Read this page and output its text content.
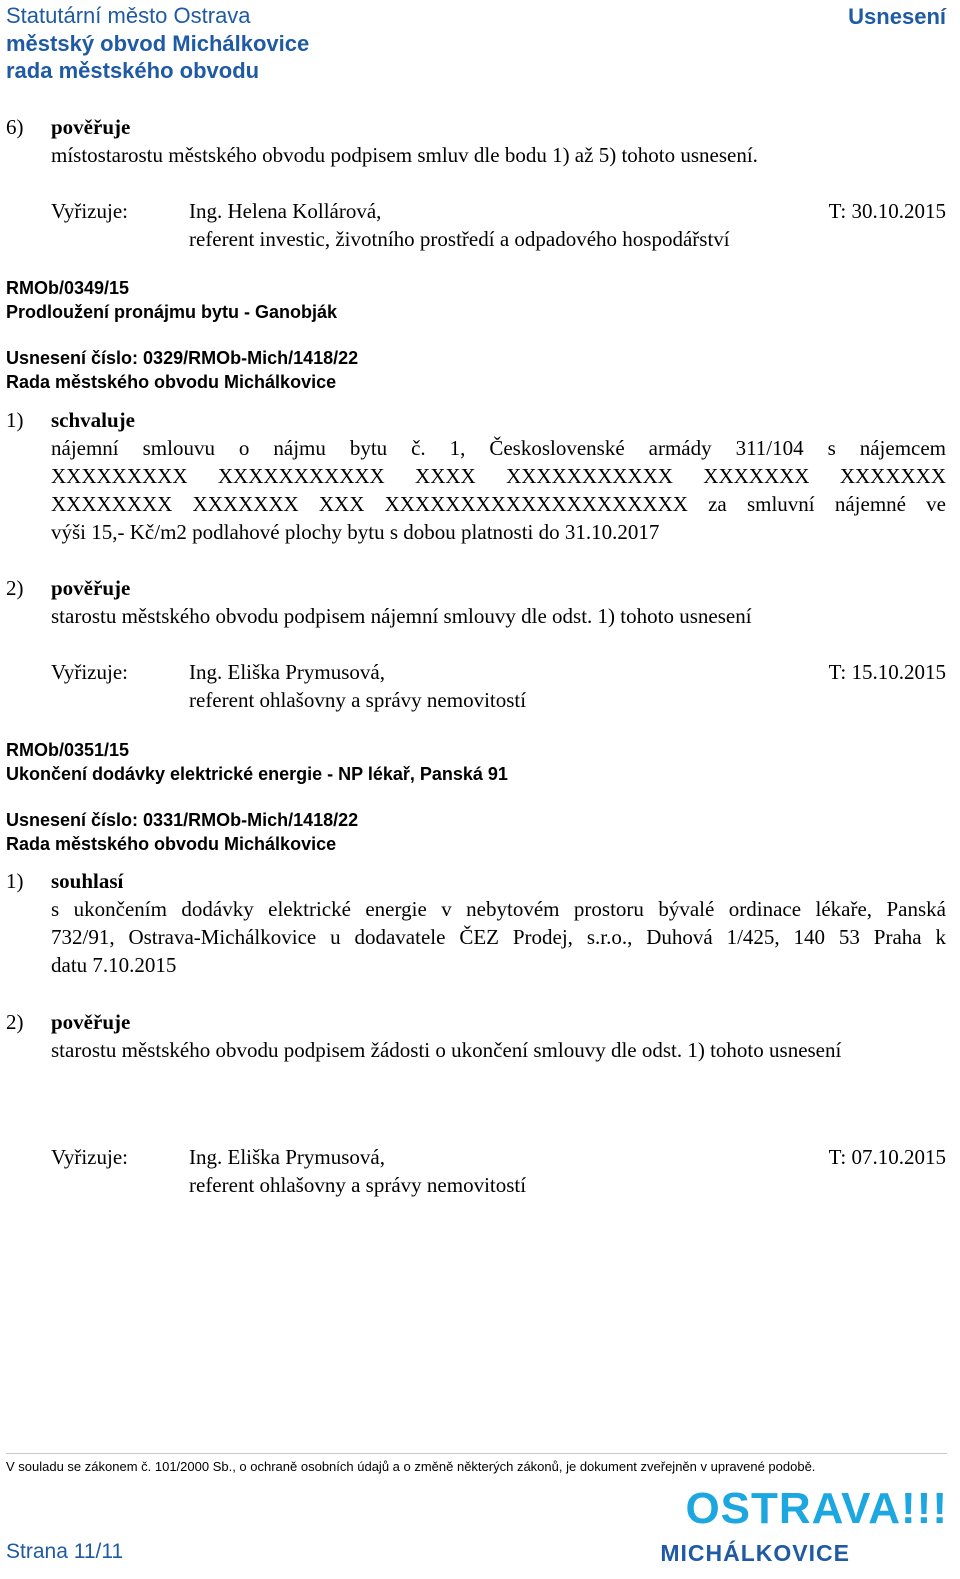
Statutární město Ostrava
městský obvod Michálkovice
rada městského obvodu
Usnesení
6) pověřuje
místostarostu městského obvodu podpisem smluv dle bodu 1) až 5) tohoto usnesení.
Vyřizuje:	Ing. Helena Kollárová,
referent investic, životního prostředí a odpadového hospodářství
T: 30.10.2015
RMOb/0349/15
Prodloužení pronájmu bytu - Ganobják
Usnesení číslo: 0329/RMOb-Mich/1418/22
Rada městského obvodu Michálkovice
1) schvaluje
nájemní smlouvu o nájmu bytu č. 1, Československé armády 311/104 s nájemcem
XXXXXXXXX XXXXXXXXXXX XXXX XXXXXXXXXXX XXXXXXX XXXXXXX
XXXXXXXX XXXXXXX XXX XXXXXXXXXXXXXXXXXXXX za smluvní nájemné ve
výši 15,- Kč/m2 podlahové plochy bytu s dobou platnosti do 31.10.2017
2) pověřuje
starostu městského obvodu podpisem nájemní smlouvy dle odst. 1) tohoto usnesení
Vyřizuje:	Ing. Eliška Prymusová,
referent ohlašovny a správy nemovitostí
T: 15.10.2015
RMOb/0351/15
Ukončení dodávky elektrické energie - NP lékař, Panská 91
Usnesení číslo: 0331/RMOb-Mich/1418/22
Rada městského obvodu Michálkovice
1) souhlasí
s ukončením dodávky elektrické energie v nebytovém prostoru bývalé ordinace lékaře, Panská
732/91, Ostrava-Michálkovice u dodavatele ČEZ Prodej, s.r.o., Duhová 1/425, 140 53 Praha k
datu 7.10.2015
2) pověřuje
starostu městského obvodu podpisem žádosti o ukončení smlouvy dle odst. 1) tohoto usnesení
Vyřizuje:	Ing. Eliška Prymusová,
referent ohlašovny a správy nemovitostí
T: 07.10.2015
V souladu se zákonem č. 101/2000 Sb., o ochraně osobních údajů a o změně některých zákonů, je dokument zveřejněn v upravené podobě.
Strana 11/11
OSTRAVA!!!
MICHÁLKOVICE
